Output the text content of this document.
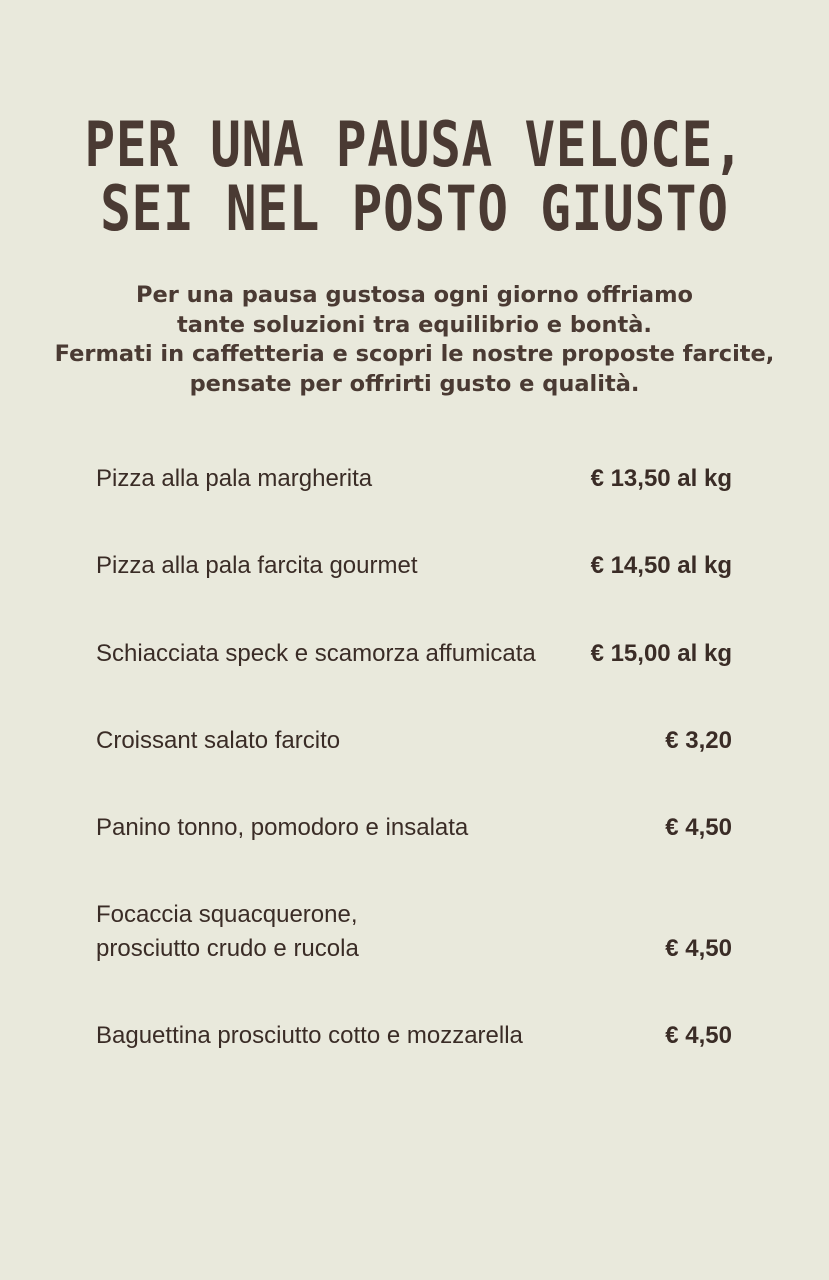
PER UNA PAUSA VELOCE,
SEI NEL POSTO GIUSTO
Per una pausa gustosa ogni giorno offriamo
tante soluzioni tra equilibrio e bontà.
Fermati in caffetteria e scopri le nostre proposte farcite,
pensate per offrirti gusto e qualità.
Pizza alla pala margherita	€ 13,50 al kg
Pizza alla pala farcita gourmet	€ 14,50 al kg
Schiacciata speck e scamorza affumicata € 15,00 al kg
Croissant salato farcito	€ 3,20
Panino tonno, pomodoro e insalata	€ 4,50
Focaccia squacquerone,
prosciutto crudo e rucola	€ 4,50
Baguettina prosciutto cotto e mozzarella	€ 4,50
